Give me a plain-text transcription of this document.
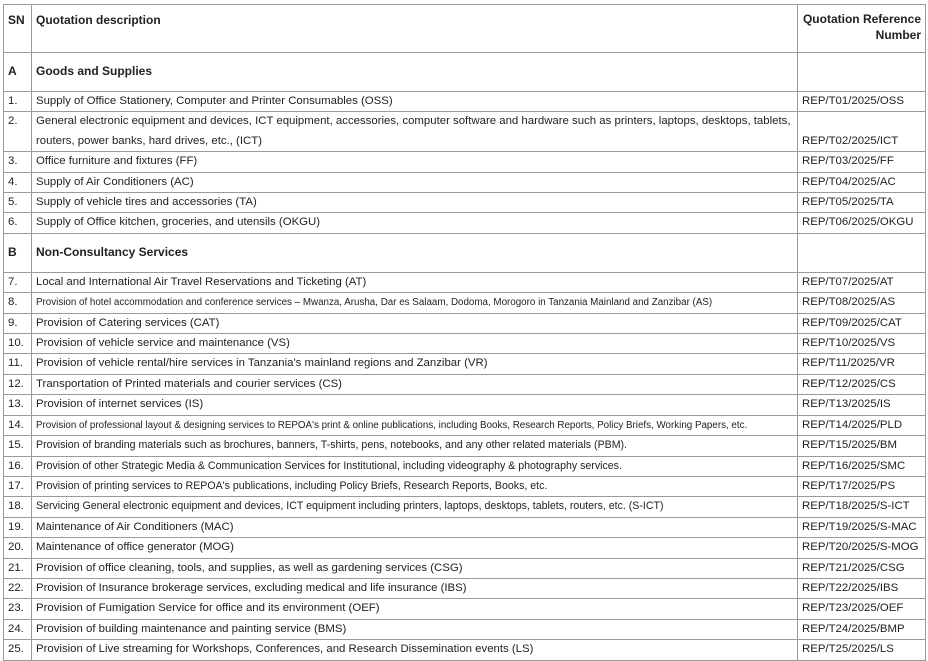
SN	Quotation description	Quotation Reference Number
A	Goods and Supplies	
1.	Supply of Office Stationery, Computer and Printer Consumables (OSS)	REP/T01/2025/OSS
2.	General electronic equipment and devices, ICT equipment, accessories, computer software and hardware such as printers, laptops, desktops, tablets, routers, power banks, hard drives, etc., (ICT)	REP/T02/2025/ICT
3.	Office furniture and fixtures (FF)	REP/T03/2025/FF
4.	Supply of Air Conditioners (AC)	REP/T04/2025/AC
5.	Supply of vehicle tires and accessories (TA)	REP/T05/2025/TA
6.	Supply of Office kitchen, groceries, and utensils (OKGU)	REP/T06/2025/OKGU
B	Non-Consultancy Services	
7.	Local and International Air Travel Reservations and Ticketing (AT)	REP/T07/2025/AT
8.	Provision of hotel accommodation and conference services – Mwanza, Arusha, Dar es Salaam, Dodoma, Morogoro in Tanzania Mainland and Zanzibar (AS)	REP/T08/2025/AS
9.	Provision of Catering services (CAT)	REP/T09/2025/CAT
10.	Provision of vehicle service and maintenance (VS)	REP/T10/2025/VS
11.	Provision of vehicle rental/hire services in Tanzania's mainland regions and Zanzibar (VR)	REP/T11/2025/VR
12.	Transportation of Printed materials and courier services (CS)	REP/T12/2025/CS
13.	Provision of internet services (IS)	REP/T13/2025/IS
14.	Provision of professional layout & designing services to REPOA's print & online publications, including Books, Research Reports, Policy Briefs, Working Papers, etc.	REP/T14/2025/PLD
15.	Provision of branding materials such as brochures, banners, T-shirts, pens, notebooks, and any other related materials (PBM).	REP/T15/2025/BM
16.	Provision of other Strategic Media & Communication Services for Institutional, including videography & photography services.	REP/T16/2025/SMC
17.	Provision of printing services to REPOA's publications, including Policy Briefs, Research Reports, Books, etc.	REP/T17/2025/PS
18.	Servicing General electronic equipment and devices, ICT equipment including printers, laptops, desktops, tablets, routers, etc. (S-ICT)	REP/T18/2025/S-ICT
19.	Maintenance of Air Conditioners (MAC)	REP/T19/2025/S-MAC
20.	Maintenance of office generator (MOG)	REP/T20/2025/S-MOG
21.	Provision of office cleaning, tools, and supplies, as well as gardening services (CSG)	REP/T21/2025/CSG
22.	Provision of Insurance brokerage services, excluding medical and life insurance (IBS)	REP/T22/2025/IBS
23.	Provision of Fumigation Service for office and its environment (OEF)	REP/T23/2025/OEF
24.	Provision of building maintenance and painting service (BMS)	REP/T24/2025/BMP
25.	Provision of Live streaming for Workshops, Conferences, and Research Dissemination events (LS)	REP/T25/2025/LS
